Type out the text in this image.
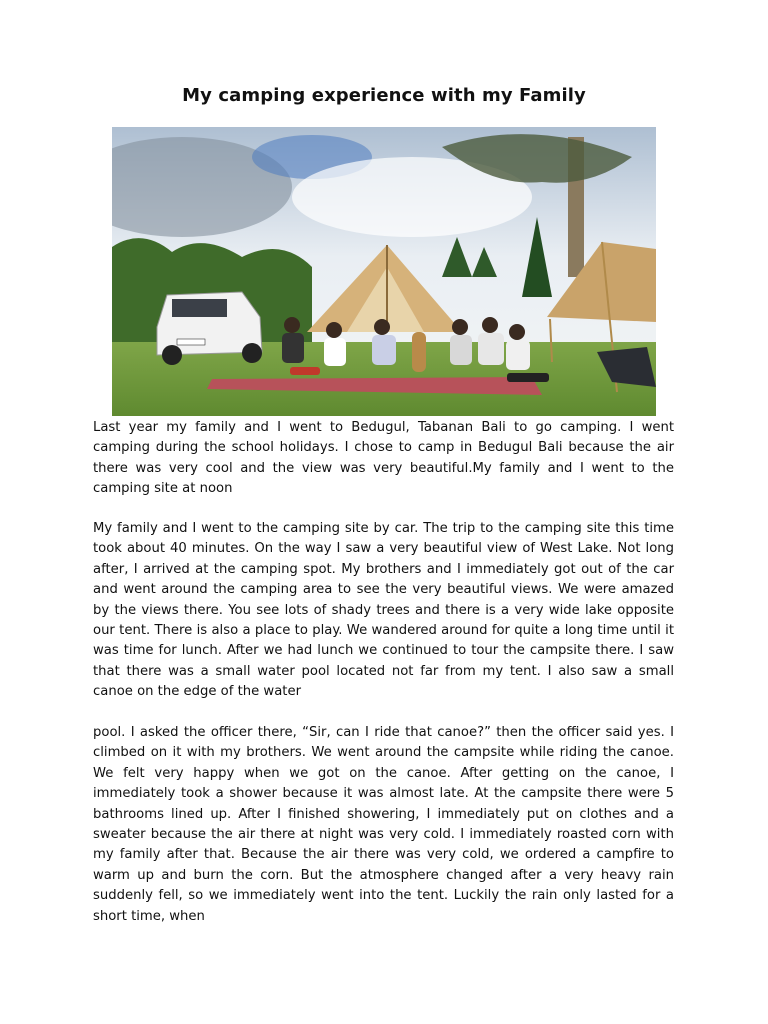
My camping experience with my Family

Last year my family and I went to Bedugul, Tabanan Bali to go camping. I went camping during the school holidays. I chose to camp in Bedugul Bali because the air there was very cool and the view was very beautiful.My family and I went to the camping site at noon

My family and I went to the camping site by car. The trip to the camping site this time took about 40 minutes. On the way I saw a very beautiful view of West Lake. Not long after, I arrived at the camping spot. My brothers and I immediately got out of the car and went around the camping area to see the very beautiful views. We were amazed by the views there. You see lots of shady trees and there is a very wide lake opposite our tent. There is also a place to play. We wandered around for quite a long time until it was time for lunch. After we had lunch we continued to tour the campsite there. I saw that there was a small water pool located not far from my tent. I also saw a small canoe on the edge of the water

pool. I asked the officer there, “Sir, can I ride that canoe?” then the officer said yes. I climbed on it with my brothers. We went around the campsite while riding the canoe. We felt very happy when we got on the canoe. After getting on the canoe, I immediately took a shower because it was almost late. At the campsite there were 5 bathrooms lined up. After I finished showering, I immediately put on clothes and a sweater because the air there at night was very cold. I immediately roasted corn with my family after that. Because the air there was very cold, we ordered a campfire to warm up and burn the corn. But the atmosphere changed after a very heavy rain suddenly fell, so we immediately went into the tent. Luckily the rain only lasted for a short time, when
